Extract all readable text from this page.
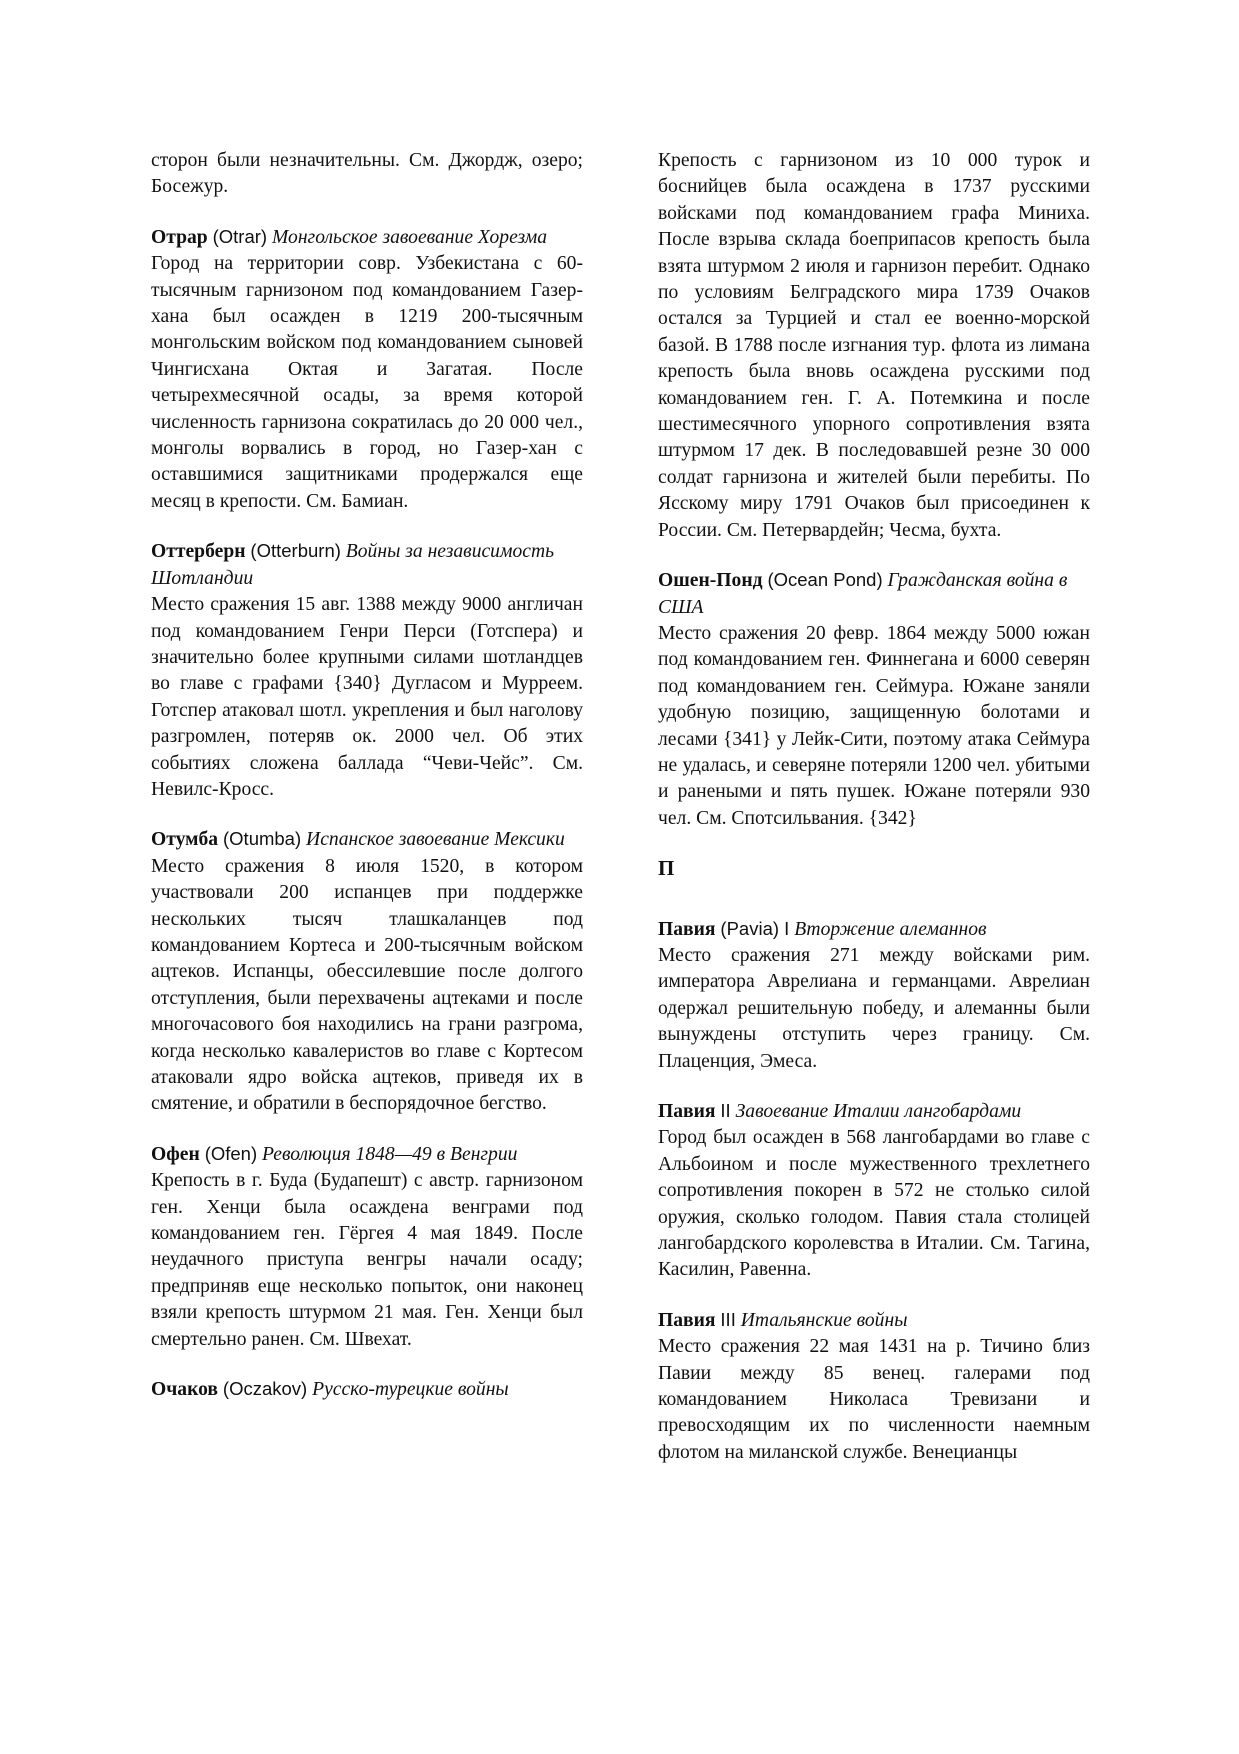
сторон были незначительны. См. Джордж, озеро; Босежур.

Отрар (Otrar) Монгольское завоевание Хорезма

Город на территории совр. Узбекистана с 60-тысячным гарнизоном под командованием Газер-хана был осажден в 1219 200-тысячным монгольским войском под командованием сыновей Чингисхана Октая и Загатая. После четырехмесячной осады, за время которой численность гарнизона сократилась до 20 000 чел., монголы ворвались в город, но Газер-хан с оставшимися защитниками продержался еще месяц в крепости. См. Бамиан.

Оттерберн (Otterburn) Войны за независимость Шотландии

Место сражения 15 авг. 1388 между 9000 англичан под командованием Генри Перси (Готспера) и значительно более крупными силами шотландцев во главе с графами {340} Дугласом и Мурреем. Готспер атаковал шотл. укрепления и был наголову разгромлен, потеряв ок. 2000 чел. Об этих событиях сложена баллада “Чеви-Чейс”. См. Невилс-Кросс.

Отумба (Otumba) Испанское завоевание Мексики

Место сражения 8 июля 1520, в котором участвовали 200 испанцев при поддержке нескольких тысяч тлашкаланцев под командованием Кортеса и 200-тысячным войском ацтеков. Испанцы, обессилевшие после долгого отступления, были перехвачены ацтеками и после многочасового боя находились на грани разгрома, когда несколько кавалеристов во главе с Кортесом атаковали ядро войска ацтеков, приведя их в смятение, и обратили в беспорядочное бегство.

Офен (Ofen) Революция 1848—49 в Венгрии

Крепость в г. Буда (Будапешт) с австр. гарнизоном ген. Хенци была осаждена венграми под командованием ген. Гёргея 4 мая 1849. После неудачного приступа венгры начали осаду; предприняв еще несколько попыток, они наконец взяли крепость штурмом 21 мая. Ген. Хенци был смертельно ранен. См. Швехат.

Очаков (Oczakov) Русско-турецкие войны

Крепость с гарнизоном из 10 000 турок и боснийцев была осаждена в 1737 русскими войсками под командованием графа Миниха. После взрыва склада боеприпасов крепость была взята штурмом 2 июля и гарнизон перебит. Однако по условиям Белградского мира 1739 Очаков остался за Турцией и стал ее военно-морской базой. В 1788 после изгнания тур. флота из лимана крепость была вновь осаждена русскими под командованием ген. Г. А. Потемкина и после шестимесячного упорного сопротивления взята штурмом 17 дек. В последовавшей резне 30 000 солдат гарнизона и жителей были перебиты. По Ясскому миру 1791 Очаков был присоединен к России. См. Петервардейн; Чесма, бухта.

Ошен-Понд (Ocean Pond) Гражданская война в США

Место сражения 20 февр. 1864 между 5000 южан под командованием ген. Финнегана и 6000 северян под командованием ген. Сеймура. Южане заняли удобную позицию, защищенную болотами и лесами {341} у Лейк-Сити, поэтому атака Сеймура не удалась, и северяне потеряли 1200 чел. убитыми и ранеными и пять пушек. Южане потеряли 930 чел. См. Спотсильвания. {342}

П

Павия (Pavia) I Вторжение алеманнов

Место сражения 271 между войсками рим. императора Аврелиана и германцами. Аврелиан одержал решительную победу, и алеманны были вынуждены отступить через границу. См. Плаценция, Эмеса.

Павия II Завоевание Италии лангобардами

Город был осажден в 568 лангобардами во главе с Альбоином и после мужественного трехлетнего сопротивления покорен в 572 не столько силой оружия, сколько голодом. Павия стала столицей лангобардского королевства в Италии. См. Тагина, Касилин, Равенна.

Павия III Итальянские войны

Место сражения 22 мая 1431 на р. Тичино близ Павии между 85 венец. галерами под командованием Николаса Тревизани и превосходящим их по численности наемным флотом на миланской службе. Венецианцы
